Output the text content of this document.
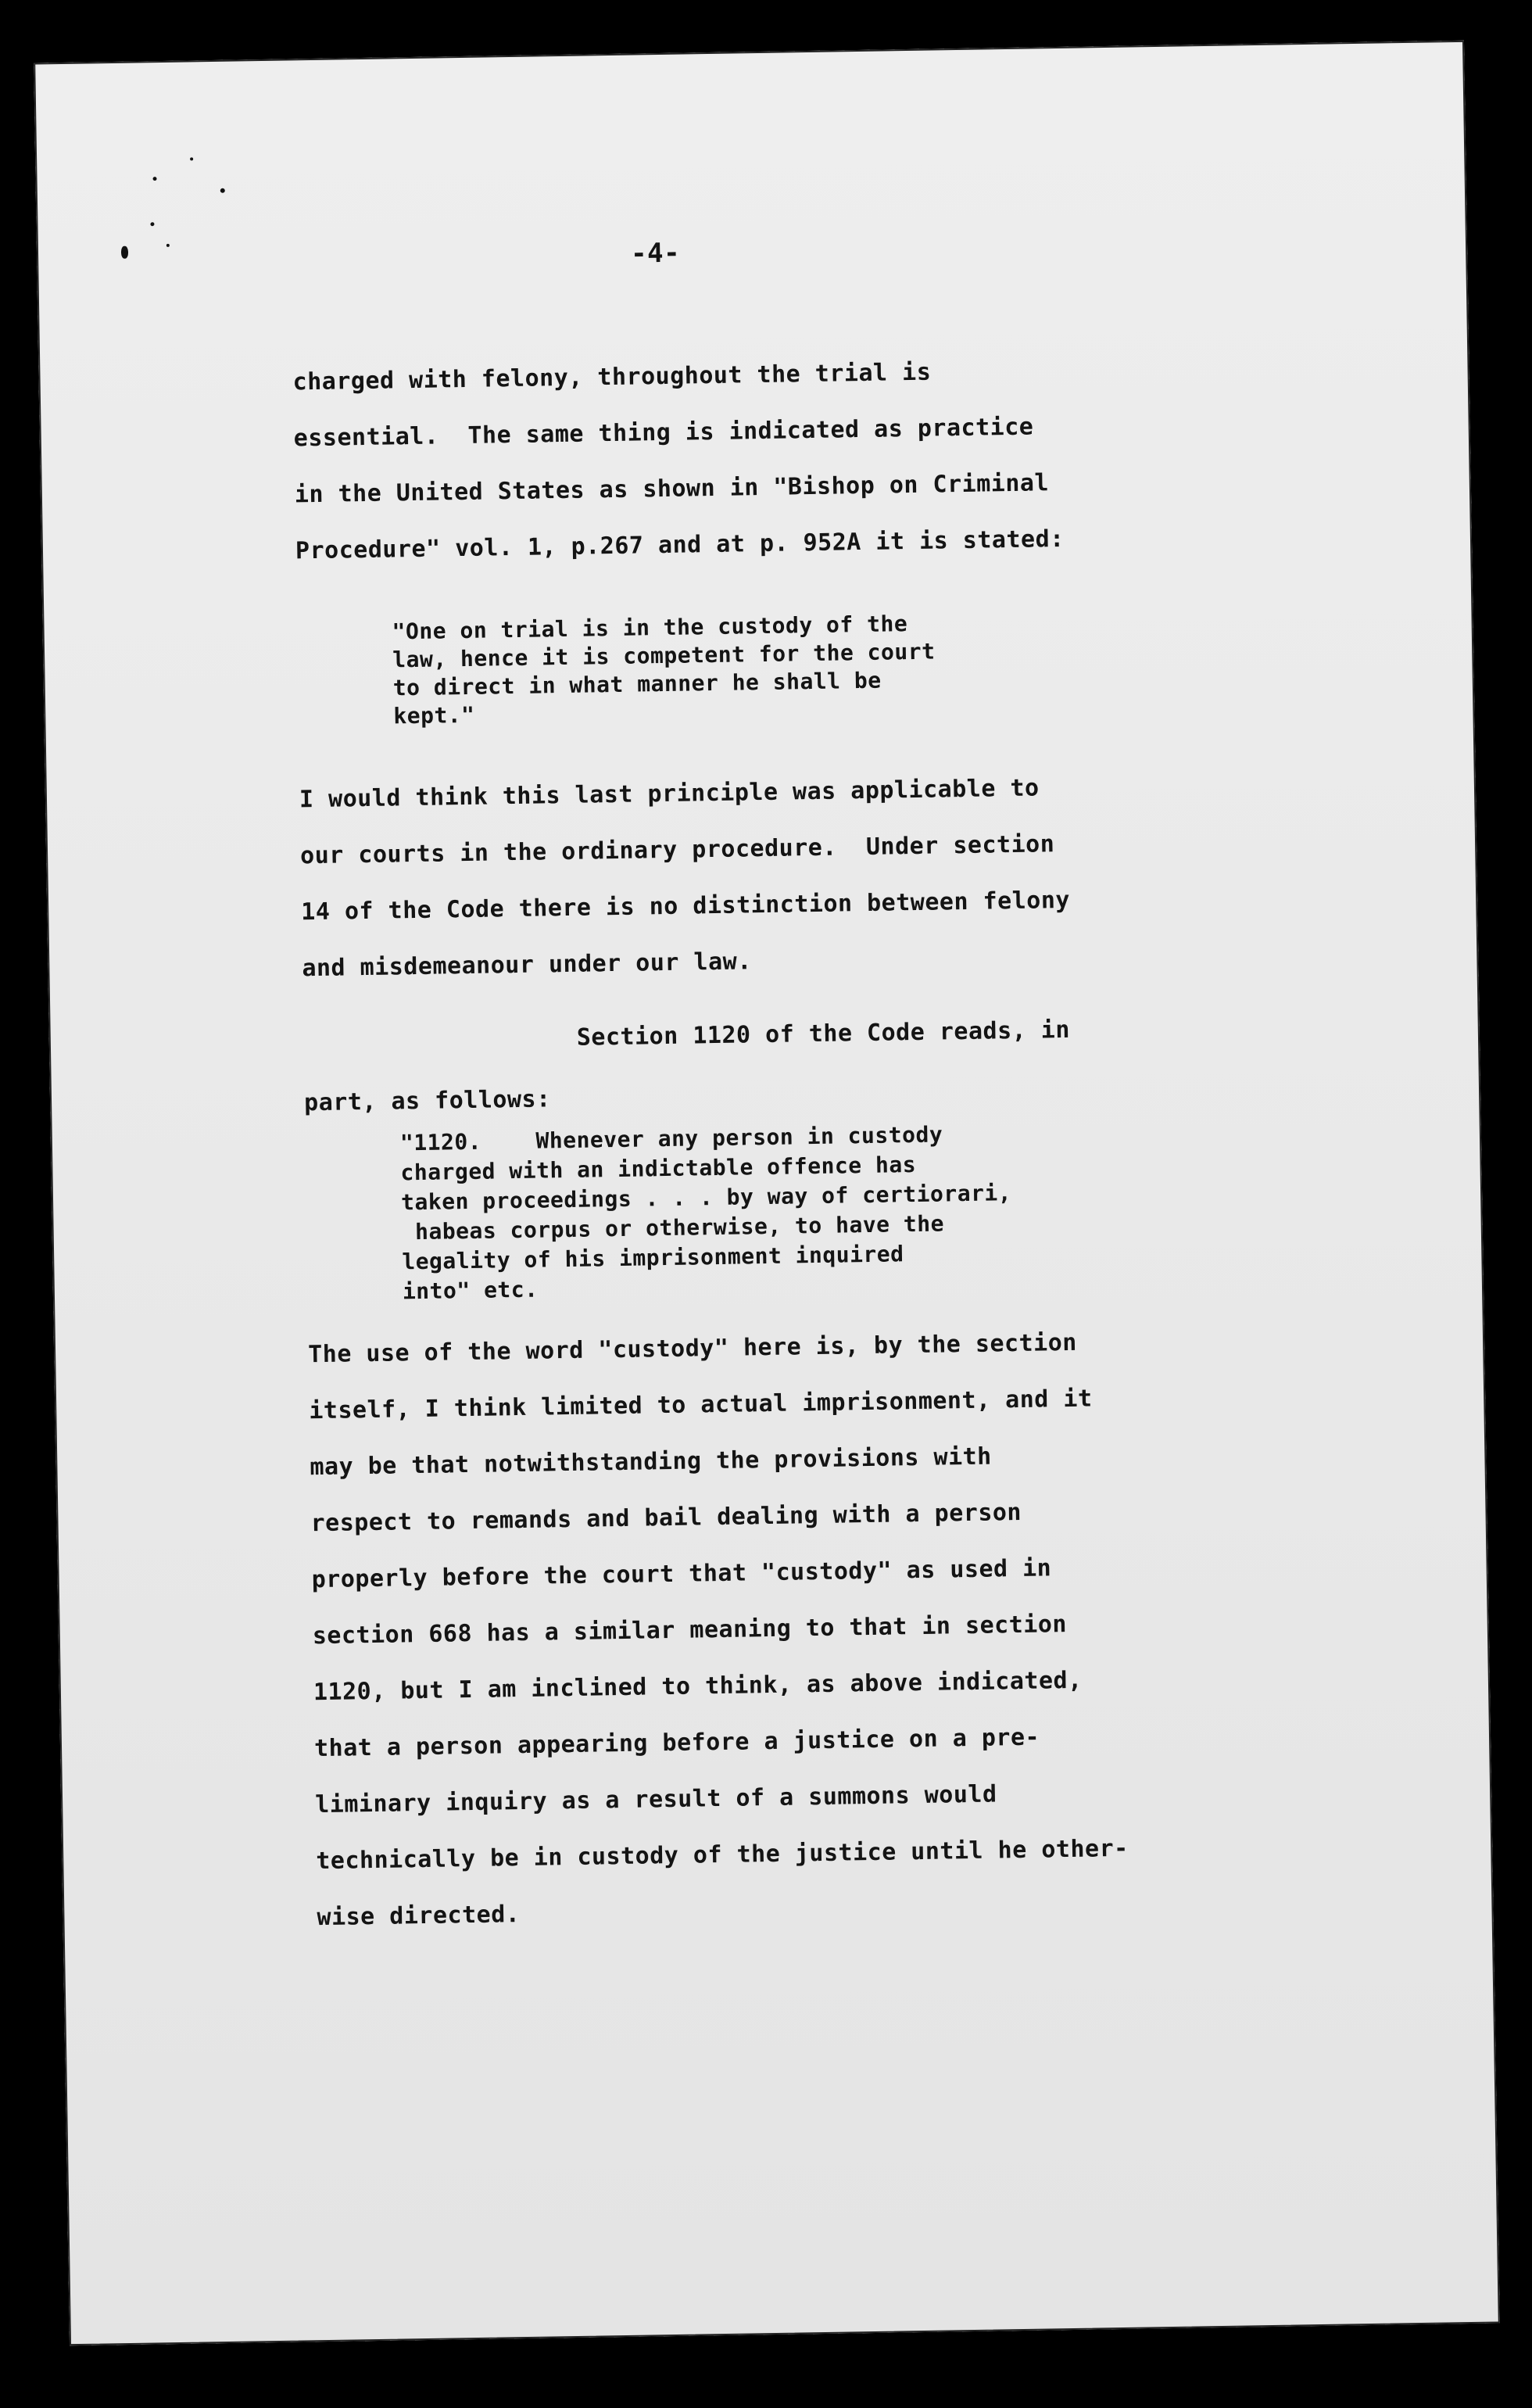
-4-
charged with felony, throughout the trial is
essential.  The same thing is indicated as practice
in the United States as shown in "Bishop on Criminal
Procedure" vol. 1, p.267 and at p. 952A it is stated:
"One on trial is in the custody of the
law, hence it is competent for the court
to direct in what manner he shall be
kept."
I would think this last principle was applicable to
our courts in the ordinary procedure.  Under section
14 of the Code there is no distinction between felony
and misdemeanour under our law.
Section 1120 of the Code reads, in
part, as follows:
"1120.    Whenever any person in custody
charged with an indictable offence has
taken proceedings . . . by way of certiorari,
habeas corpus or otherwise, to have the
legality of his imprisonment inquired
into" etc.
The use of the word "custody" here is, by the section
itself, I think limited to actual imprisonment, and it
may be that notwithstanding the provisions with
respect to remands and bail dealing with a person
properly before the court that "custody" as used in
section 668 has a similar meaning to that in section
1120, but I am inclined to think, as above indicated,
that a person appearing before a justice on a pre-
liminary inquiry as a result of a summons would
technically be in custody of the justice until he other-
wise directed.
